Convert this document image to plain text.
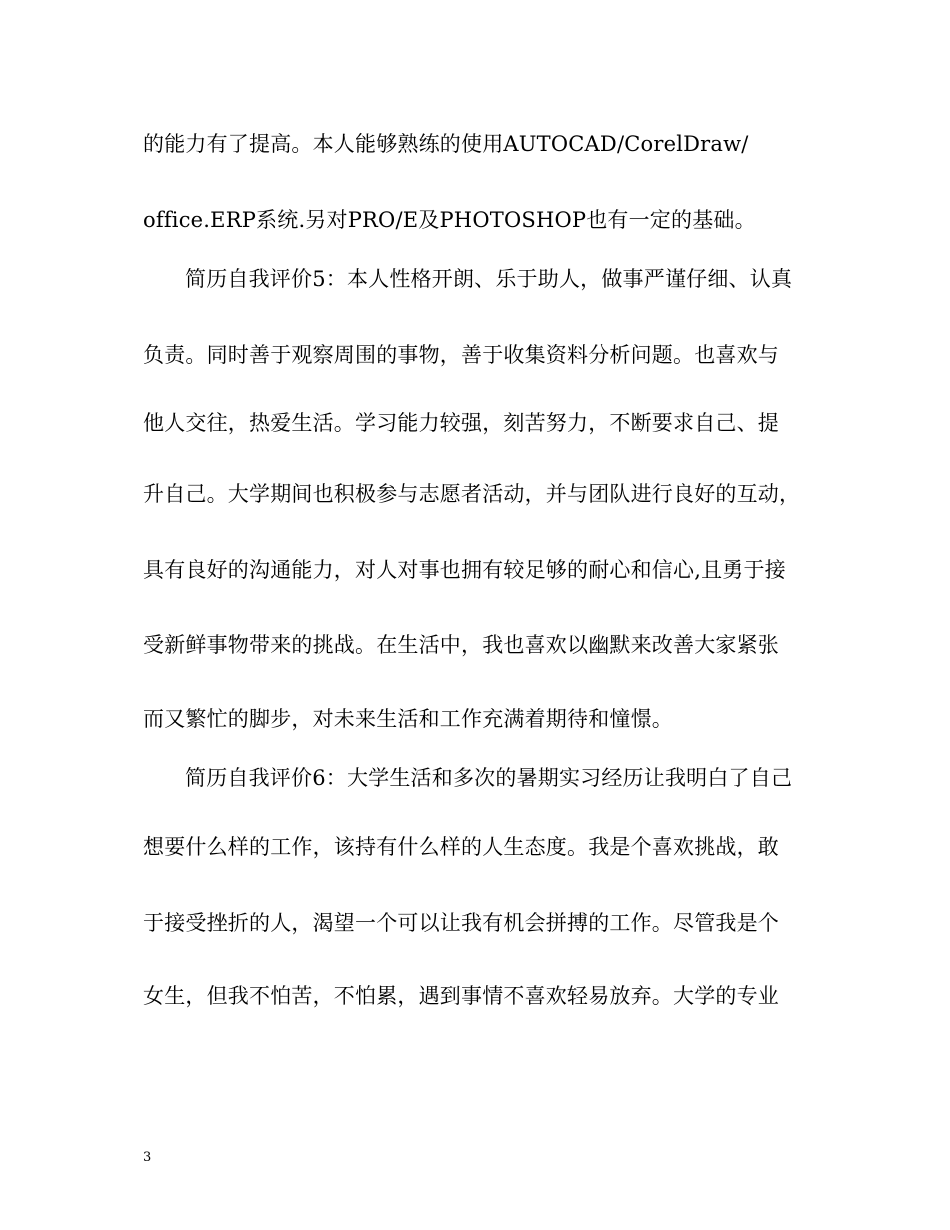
的能力有了提高。本人能够熟练的使用AUTOCAD/CorelDraw/
office.ERP系统.另对PRO/E及PHOTOSHOP也有一定的基础。
简历自我评价5：本人性格开朗、乐于助人，做事严谨仔细、认真
负责。同时善于观察周围的事物，善于收集资料分析问题。也喜欢与
他人交往，热爱生活。学习能力较强，刻苦努力，不断要求自己、提
升自己。大学期间也积极参与志愿者活动，并与团队进行良好的互动，
具有良好的沟通能力，对人对事也拥有较足够的耐心和信心,且勇于接
受新鲜事物带来的挑战。在生活中，我也喜欢以幽默来改善大家紧张
而又繁忙的脚步，对未来生活和工作充满着期待和憧憬。
简历自我评价6：大学生活和多次的暑期实习经历让我明白了自己
想要什么样的工作，该持有什么样的人生态度。我是个喜欢挑战，敢
于接受挫折的人，渴望一个可以让我有机会拼搏的工作。尽管我是个
女生，但我不怕苦，不怕累，遇到事情不喜欢轻易放弃。大学的专业
3
